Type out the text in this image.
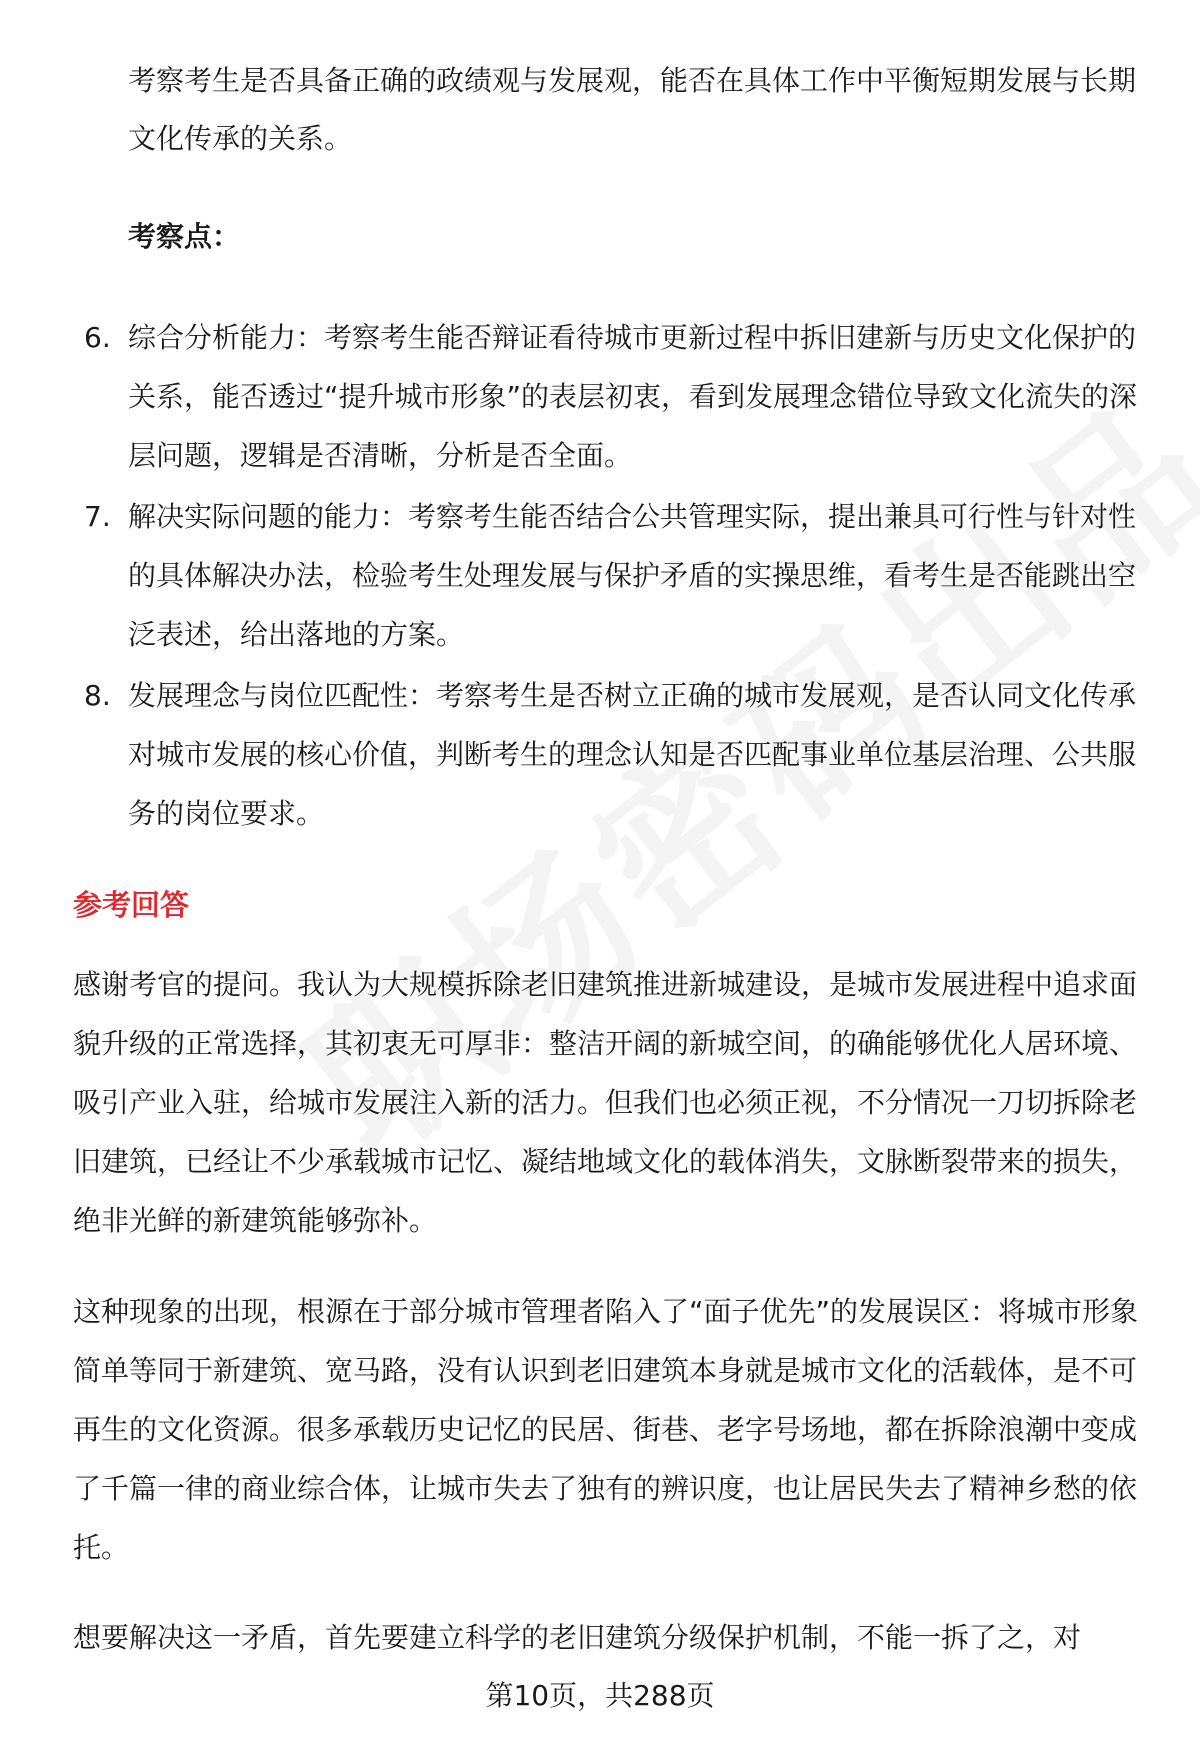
考察考生是否具备正确的政绩观与发展观，能否在具体工作中平衡短期发展与长期文化传承的关系。

考察点：

6. 综合分析能力：考察考生能否辩证看待城市更新过程中拆旧建新与历史文化保护的关系，能否透过“提升城市形象”的表层初衷，看到发展理念错位导致文化流失的深层问题，逻辑是否清晰，分析是否全面。
7. 解决实际问题的能力：考察考生能否结合公共管理实际，提出兼具可行性与针对性的具体解决办法，检验考生处理发展与保护矛盾的实操思维，看考生是否能跳出空泛表述，给出落地的方案。
8. 发展理念与岗位匹配性：考察考生是否树立正确的城市发展观，是否认同文化传承对城市发展的核心价值，判断考生的理念认知是否匹配事业单位基层治理、公共服务的岗位要求。
参考回答

感谢考官的提问。我认为大规模拆除老旧建筑推进新城建设，是城市发展进程中追求面貌升级的正常选择，其初衷无可厚非：整洁开阔的新城空间，的确能够优化人居环境、吸引产业入驻，给城市发展注入新的活力。但我们也必须正视，不分情况一刀切拆除老旧建筑，已经让不少承载城市记忆、凝结地域文化的载体消失，文脉断裂带来的损失，绝非光鲜的新建筑能够弥补。

这种现象的出现，根源在于部分城市管理者陷入了“面子优先”的发展误区：将城市形象简单等同于新建筑、宽马路，没有认识到老旧建筑本身就是城市文化的活载体，是不可再生的文化资源。很多承载历史记忆的民居、街巷、老字号场地，都在拆除浪潮中变成了千篇一律的商业综合体，让城市失去了独有的辨识度，也让居民失去了精神乡愁的依托。

想要解决这一矛盾，首先要建立科学的老旧建筑分级保护机制，不能一拆了之，对

第10页，共288页
